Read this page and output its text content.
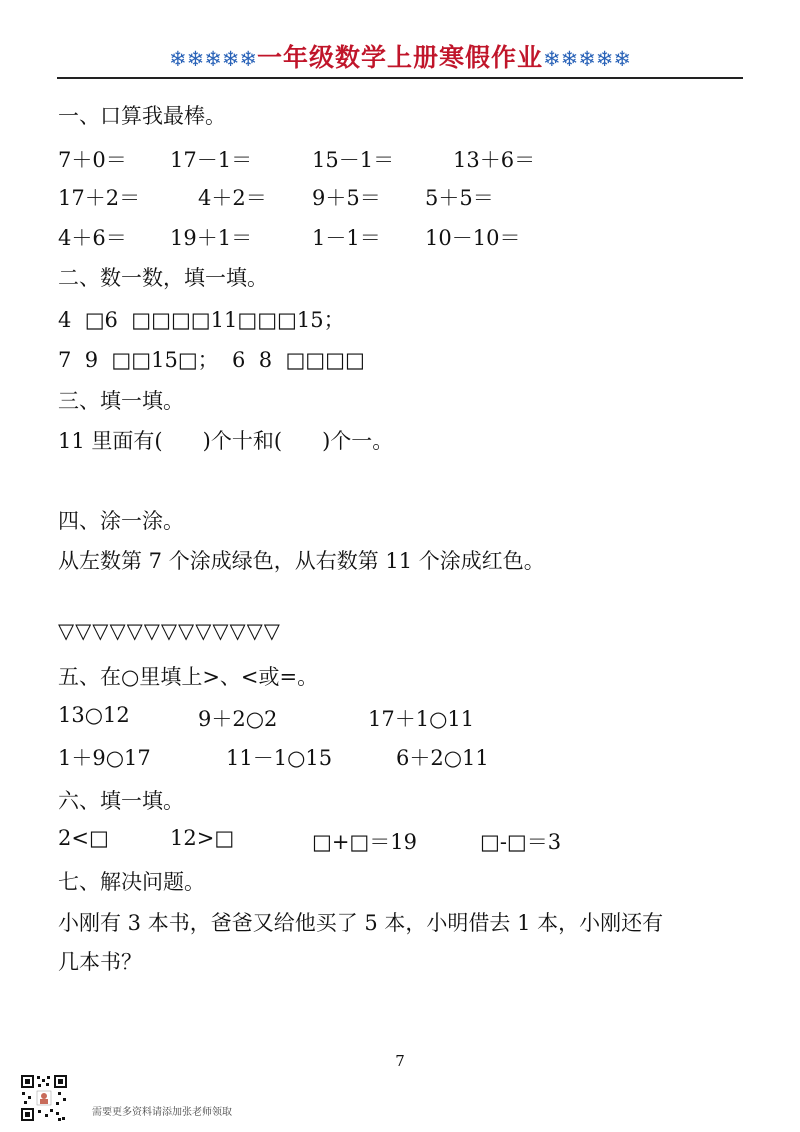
❄❄❄❄❄一年级数学上册寒假作业❄❄❄❄❄
一、口算我最棒。
7＋0＝ 17－1＝	15－1＝	13＋6＝
17＋2＝	4＋2＝ 9＋5＝ 5＋5＝
4＋6＝ 19＋1＝	1－1＝ 10－10＝
二、数一数，填一填。
4  □6  □□□□11□□□15；
7  9  □□15□；  6  8  □□□□
三、填一填。
11 里面有(      )个十和(      )个一。
四、涂一涂。
从左数第 7 个涂成绿色，从右数第 11 个涂成红色。
▽▽▽▽▽▽▽▽▽▽▽▽▽
五、在○里填上>、<或=。
13○12	9＋2○2	17＋1○11
1＋9○17	11－1○15	6＋2○11
六、填一填。
2<□	12>□	□+□＝19	□-□＝3
七、解决问题。
小刚有 3 本书，爸爸又给他买了 5 本，小明借去 1 本，小刚还有
几本书？
7
需要更多资料请添加张老师领取
